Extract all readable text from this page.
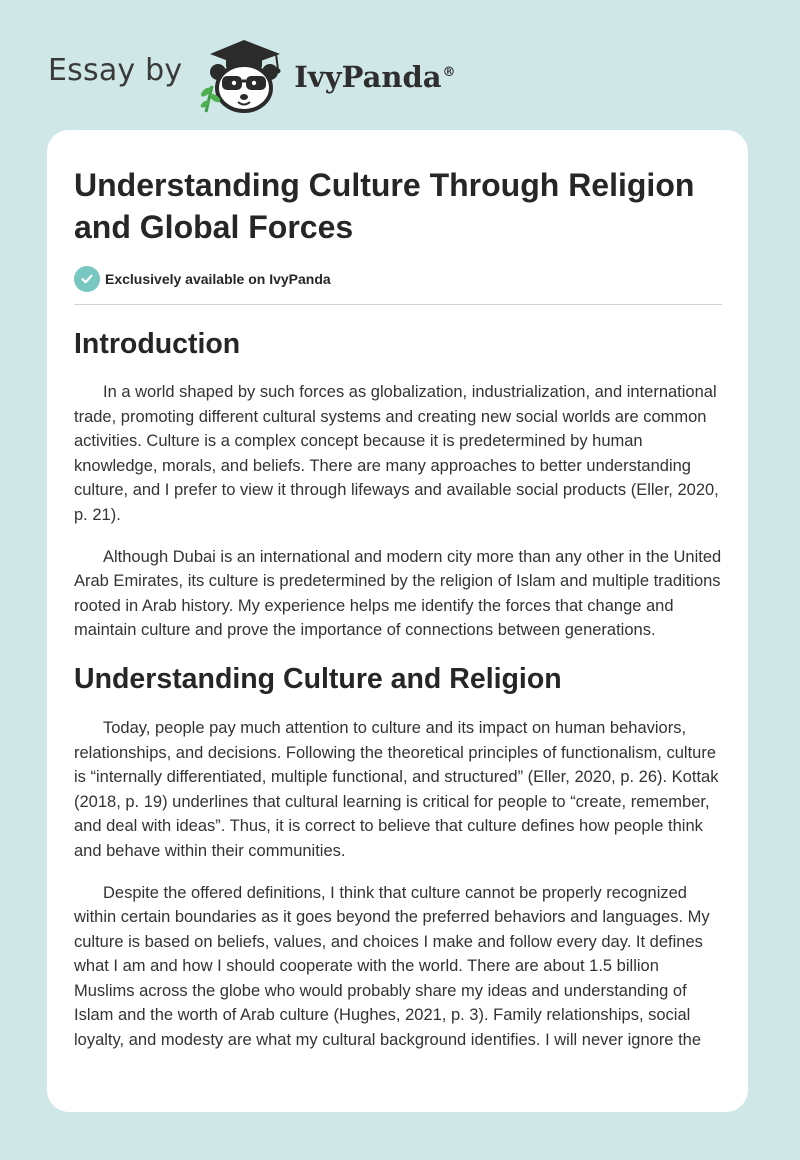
Essay by	IvyPanda®
Understanding Culture Through Religion and Global Forces
Exclusively available on IvyPanda
Introduction

In a world shaped by such forces as globalization, industrialization, and international trade, promoting different cultural systems and creating new social worlds are common activities. Culture is a complex concept because it is predetermined by human knowledge, morals, and beliefs. There are many approaches to better understanding culture, and I prefer to view it through lifeways and available social products (Eller, 2020, p. 21).

Although Dubai is an international and modern city more than any other in the United Arab Emirates, its culture is predetermined by the religion of Islam and multiple traditions rooted in Arab history. My experience helps me identify the forces that change and maintain culture and prove the importance of connections between generations.

Understanding Culture and Religion

Today, people pay much attention to culture and its impact on human behaviors, relationships, and decisions. Following the theoretical principles of functionalism, culture is “internally differentiated, multiple functional, and structured” (Eller, 2020, p. 26). Kottak (2018, p. 19) underlines that cultural learning is critical for people to “create, remember, and deal with ideas”. Thus, it is correct to believe that culture defines how people think and behave within their communities.

Despite the offered definitions, I think that culture cannot be properly recognized within certain boundaries as it goes beyond the preferred behaviors and languages. My culture is based on beliefs, values, and choices I make and follow every day. It defines what I am and how I should cooperate with the world. There are about 1.5 billion Muslims across the globe who would probably share my ideas and understanding of Islam and the worth of Arab culture (Hughes, 2021, p. 3). Family relationships, social loyalty, and modesty are what my cultural background identifies. I will never ignore the
